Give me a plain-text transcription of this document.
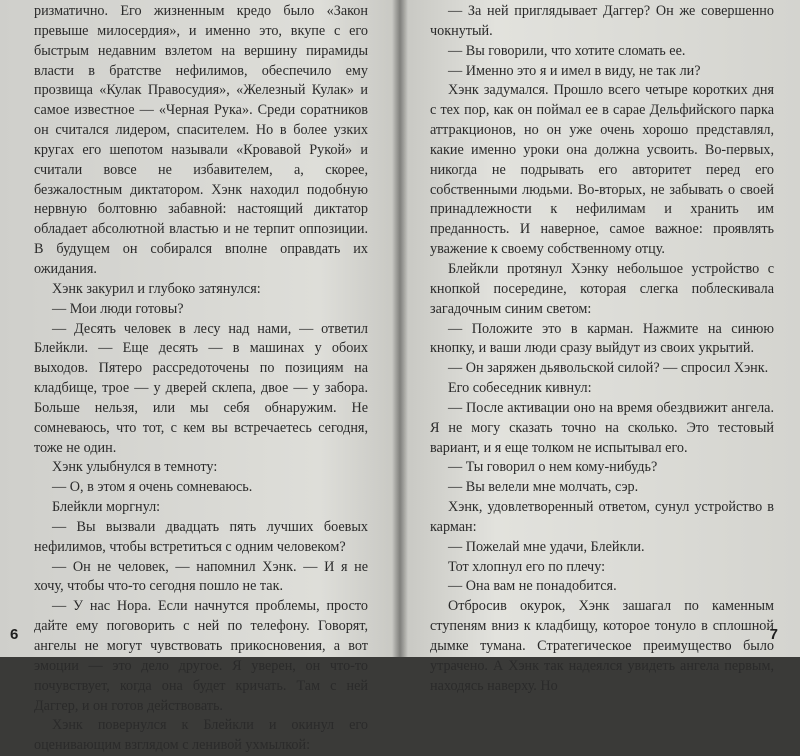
ризматично. Его жизненным кредо было «Закон превыше милосердия», и именно это, вкупе с его быстрым недавним взлетом на вершину пирамиды власти в братстве нефилимов, обеспечило ему прозвища «Кулак Правосудия», «Железный Кулак» и самое известное — «Черная Рука». Среди соратников он считался лидером, спасителем. Но в более узких кругах его шепотом называли «Кровавой Рукой» и считали вовсе не избавителем, а, скорее, безжалостным диктатором. Хэнк находил подобную нервную болтовню забавной: настоящий диктатор обладает абсолютной властью и не терпит оппозиции. В будущем он собирался вполне оправдать их ожидания.

Хэнк закурил и глубоко затянулся:

— Мои люди готовы?

— Десять человек в лесу над нами, — ответил Блейкли. — Еще десять — в машинах у обоих выходов. Пятеро рассредоточены по позициям на кладбище, трое — у дверей склепа, двое — у забора. Больше нельзя, или мы себя обнаружим. Не сомневаюсь, что тот, с кем вы встречаетесь сегодня, тоже не один.

Хэнк улыбнулся в темноту:

— О, в этом я очень сомневаюсь.

Блейкли моргнул:

— Вы вызвали двадцать пять лучших боевых нефилимов, чтобы встретиться с одним человеком?

— Он не человек, — напомнил Хэнк. — И я не хочу, чтобы что-то сегодня пошло не так.

— У нас Нора. Если начнутся проблемы, просто дайте ему поговорить с ней по телефону. Говорят, ангелы не могут чувствовать прикосновения, а вот эмоции — это дело другое. Я уверен, он что-то почувствует, когда она будет кричать. Там с ней Даггер, и он готов действовать.

Хэнк повернулся к Блейкли и окинул его оценивающим взглядом с ленивой ухмылкой:

6

— За ней приглядывает Даггер? Он же совершенно чокнутый.

— Вы говорили, что хотите сломать ее.

— Именно это я и имел в виду, не так ли?

Хэнк задумался. Прошло всего четыре коротких дня с тех пор, как он поймал ее в сарае Дельфийского парка аттракционов, но он уже очень хорошо представлял, какие именно уроки она должна усвоить. Во-первых, никогда не подрывать его авторитет перед его собственными людьми. Во-вторых, не забывать о своей принадлежности к нефилимам и хранить им преданность. И наверное, самое важное: проявлять уважение к своему собственному отцу.

Блейкли протянул Хэнку небольшое устройство с кнопкой посередине, которая слегка поблескивала загадочным синим светом:

— Положите это в карман. Нажмите на синюю кнопку, и ваши люди сразу выйдут из своих укрытий.

— Он заряжен дьявольской силой? — спросил Хэнк.

Его собеседник кивнул:

— После активации оно на время обездвижит ангела. Я не могу сказать точно на сколько. Это тестовый вариант, и я еще толком не испытывал его.

— Ты говорил о нем кому-нибудь?

— Вы велели мне молчать, сэр.

Хэнк, удовлетворенный ответом, сунул устройство в карман:

— Пожелай мне удачи, Блейкли.

Тот хлопнул его по плечу:

— Она вам не понадобится.

Отбросив окурок, Хэнк зашагал по каменным ступеням вниз к кладбищу, которое тонуло в сплошной дымке тумана. Стратегическое преимущество было утрачено. А Хэнк так надеялся увидеть ангела первым, находясь наверху. Но

7
